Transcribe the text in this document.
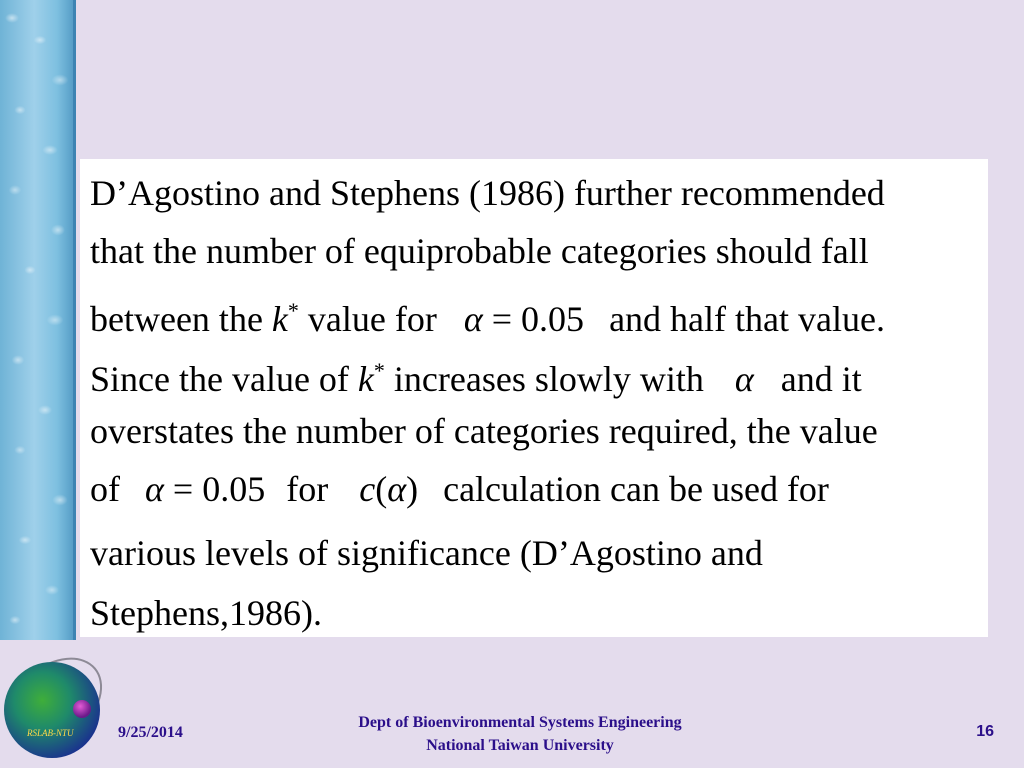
D’Agostino and Stephens (1986) further recommended
that the number of equiprobable categories should fall
between the k* value for α = 0.05 and half that value.
Since the value of k* increases slowly with α and it
overstates the number of categories required, the value
of α = 0.05 for c(α) calculation can be used for
various levels of significance (D’Agostino and
Stephens,1986).
RSLAB-NTU	9/25/2014
Dept of Bioenvironmental Systems Engineering
National Taiwan University
16
